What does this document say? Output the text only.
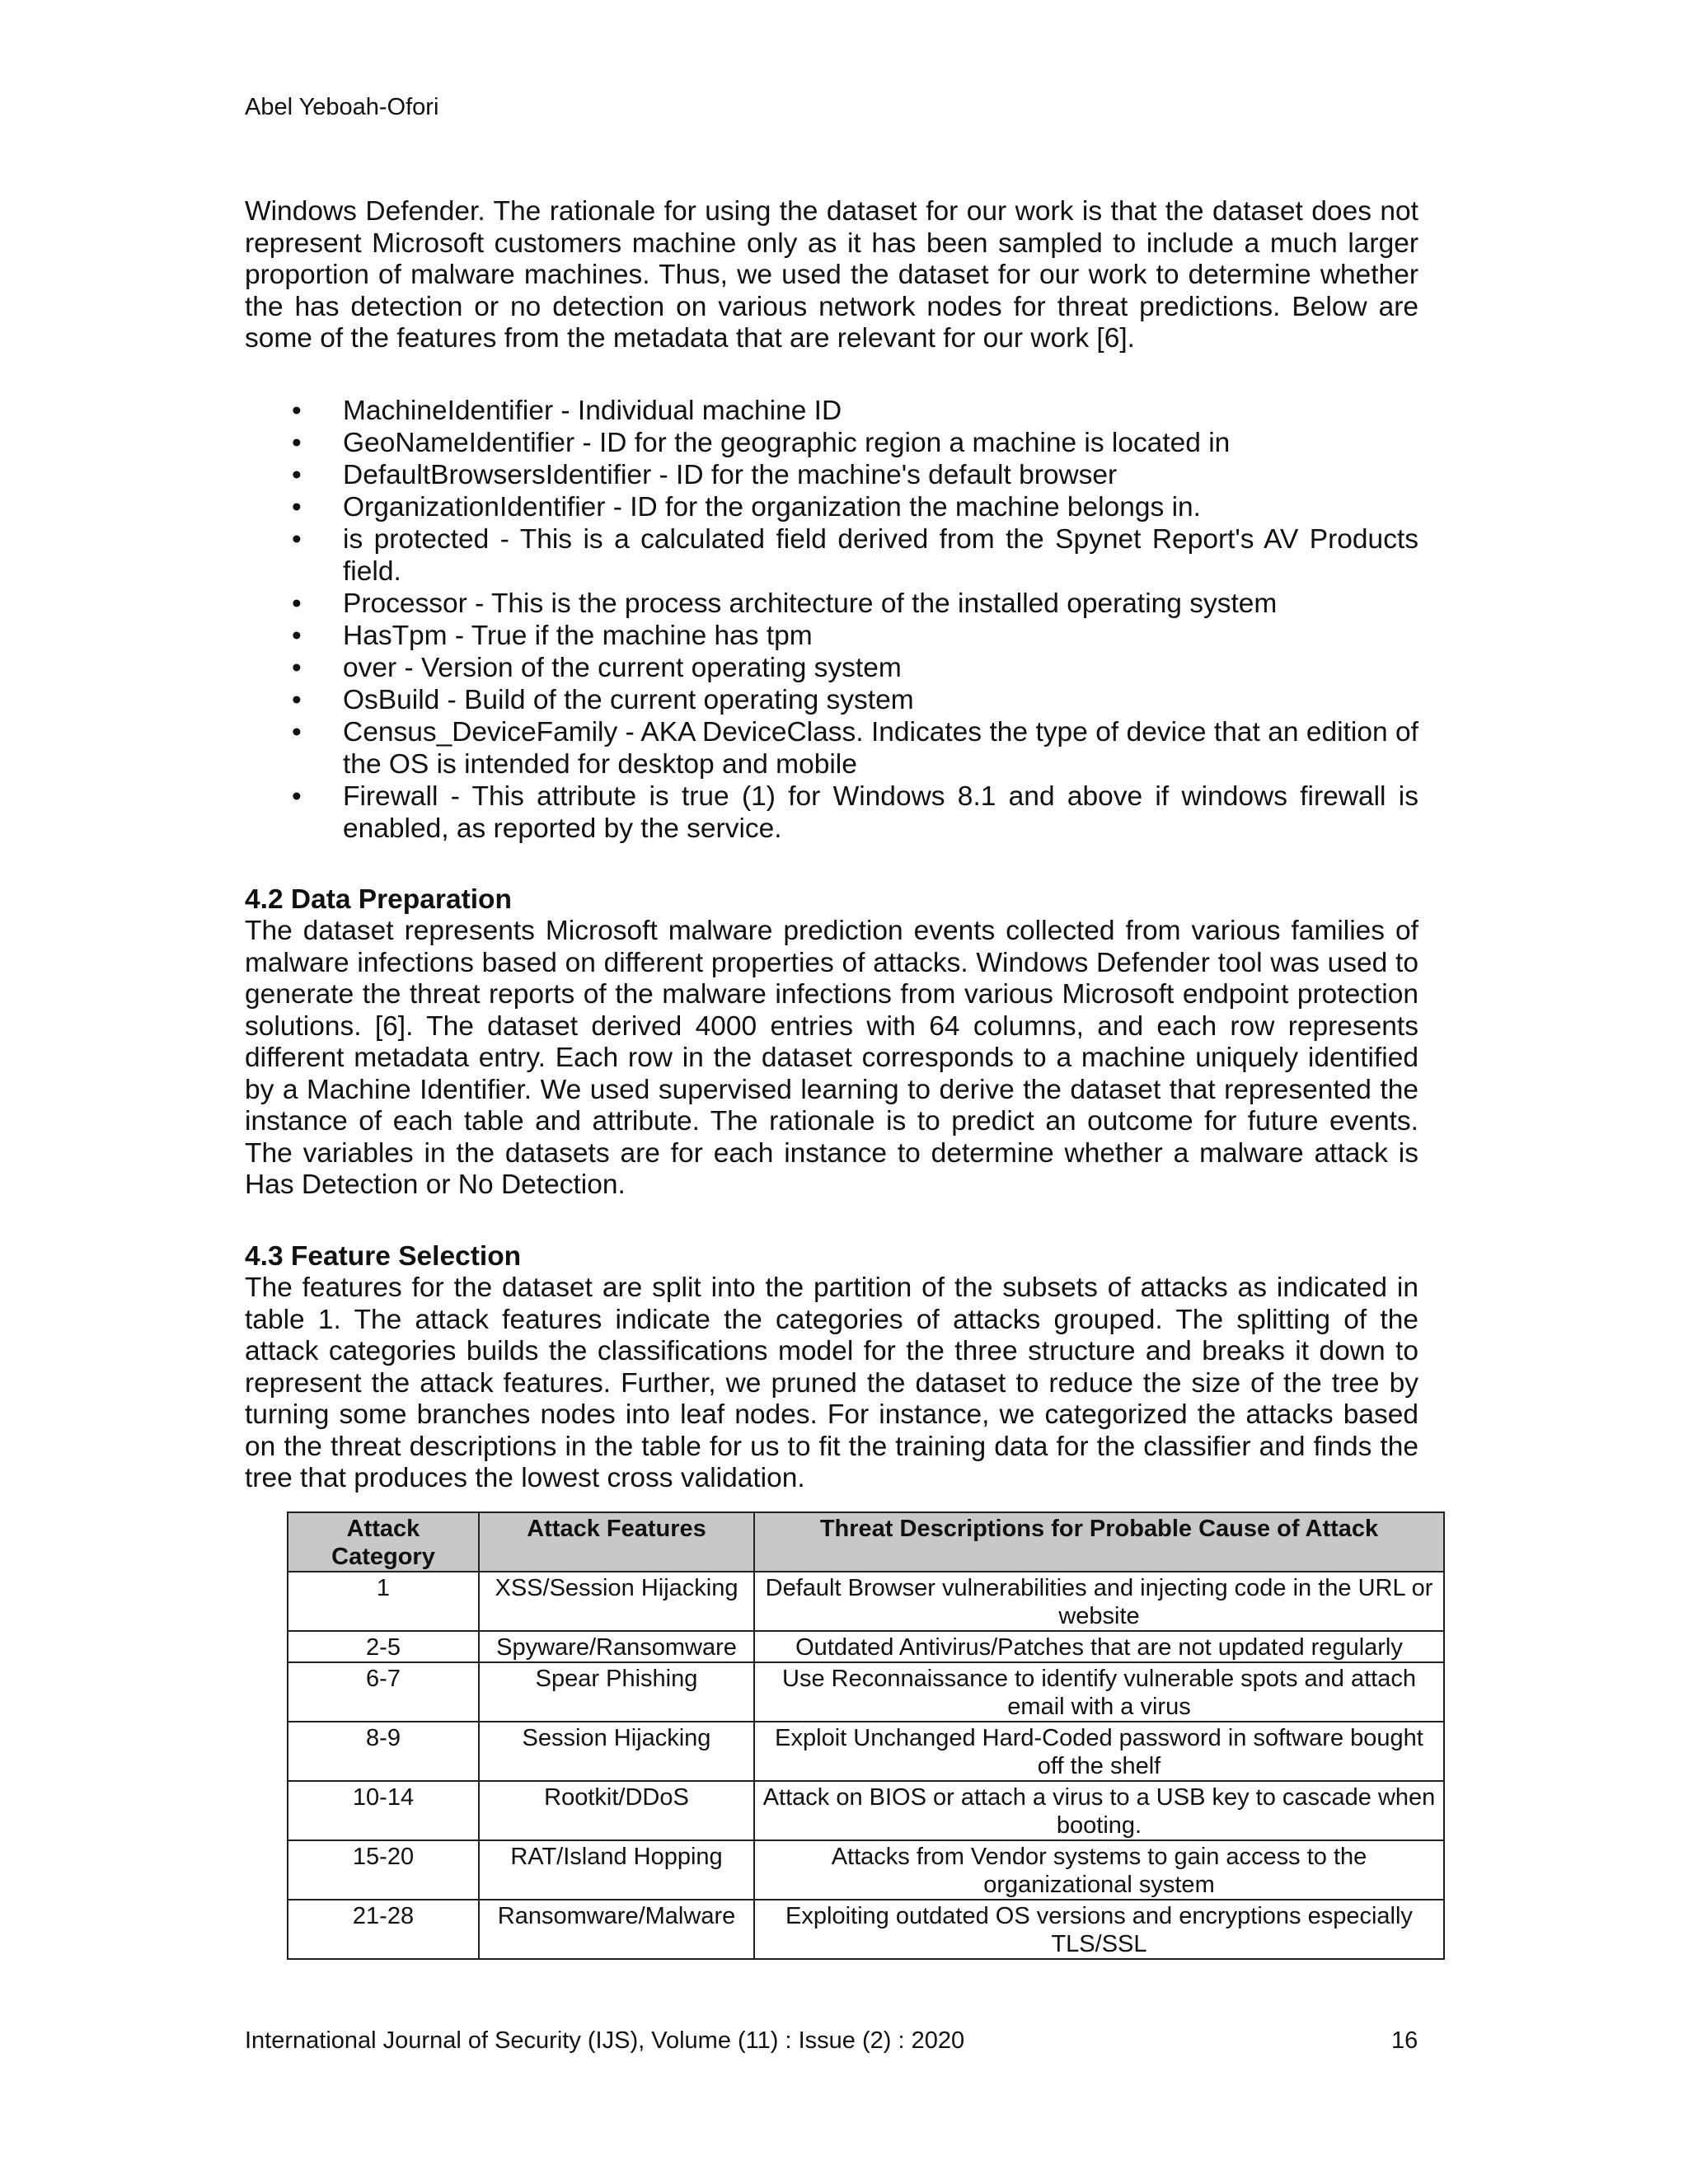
Abel Yeboah-Ofori

Windows Defender. The rationale for using the dataset for our work is that the dataset does not represent Microsoft customers machine only as it has been sampled to include a much larger proportion of malware machines. Thus, we used the dataset for our work to determine whether the has detection or no detection on various network nodes for threat predictions. Below are some of the features from the metadata that are relevant for our work [6].

• MachineIdentifier - Individual machine ID
• GeoNameIdentifier - ID for the geographic region a machine is located in
• DefaultBrowsersIdentifier - ID for the machine's default browser
• OrganizationIdentifier - ID for the organization the machine belongs in.
• is protected - This is a calculated field derived from the Spynet Report's AV Products field.
• Processor - This is the process architecture of the installed operating system
• HasTpm - True if the machine has tpm
• over - Version of the current operating system
• OsBuild - Build of the current operating system
• Census_DeviceFamily - AKA DeviceClass. Indicates the type of device that an edition of the OS is intended for desktop and mobile
• Firewall - This attribute is true (1) for Windows 8.1 and above if windows firewall is enabled, as reported by the service.
4.2 Data Preparation

The dataset represents Microsoft malware prediction events collected from various families of malware infections based on different properties of attacks. Windows Defender tool was used to generate the threat reports of the malware infections from various Microsoft endpoint protection solutions. [6]. The dataset derived 4000 entries with 64 columns, and each row represents different metadata entry. Each row in the dataset corresponds to a machine uniquely identified by a Machine Identifier. We used supervised learning to derive the dataset that represented the instance of each table and attribute. The rationale is to predict an outcome for future events. The variables in the datasets are for each instance to determine whether a malware attack is Has Detection or No Detection.

4.3 Feature Selection

The features for the dataset are split into the partition of the subsets of attacks as indicated in table 1. The attack features indicate the categories of attacks grouped. The splitting of the attack categories builds the classifications model for the three structure and breaks it down to represent the attack features. Further, we pruned the dataset to reduce the size of the tree by turning some branches nodes into leaf nodes. For instance, we categorized the attacks based on the threat descriptions in the table for us to fit the training data for the classifier and finds the tree that produces the lowest cross validation.

Attack Category	Attack Features	Threat Descriptions for Probable Cause of Attack
1	XSS/Session Hijacking	Default Browser vulnerabilities and injecting code in the URL or website
2-5	Spyware/Ransomware	Outdated Antivirus/Patches that are not updated regularly
6-7	Spear Phishing	Use Reconnaissance to identify vulnerable spots and attach email with a virus
8-9	Session Hijacking	Exploit Unchanged Hard-Coded password in software bought off the shelf
10-14	Rootkit/DDoS	Attack on BIOS or attach a virus to a USB key to cascade when booting.
15-20	RAT/Island Hopping	Attacks from Vendor systems to gain access to the organizational system
21-28	Ransomware/Malware	Exploiting outdated OS versions and encryptions especially TLS/SSL
International Journal of Security (IJS), Volume (11) : Issue (2) : 2020	16
